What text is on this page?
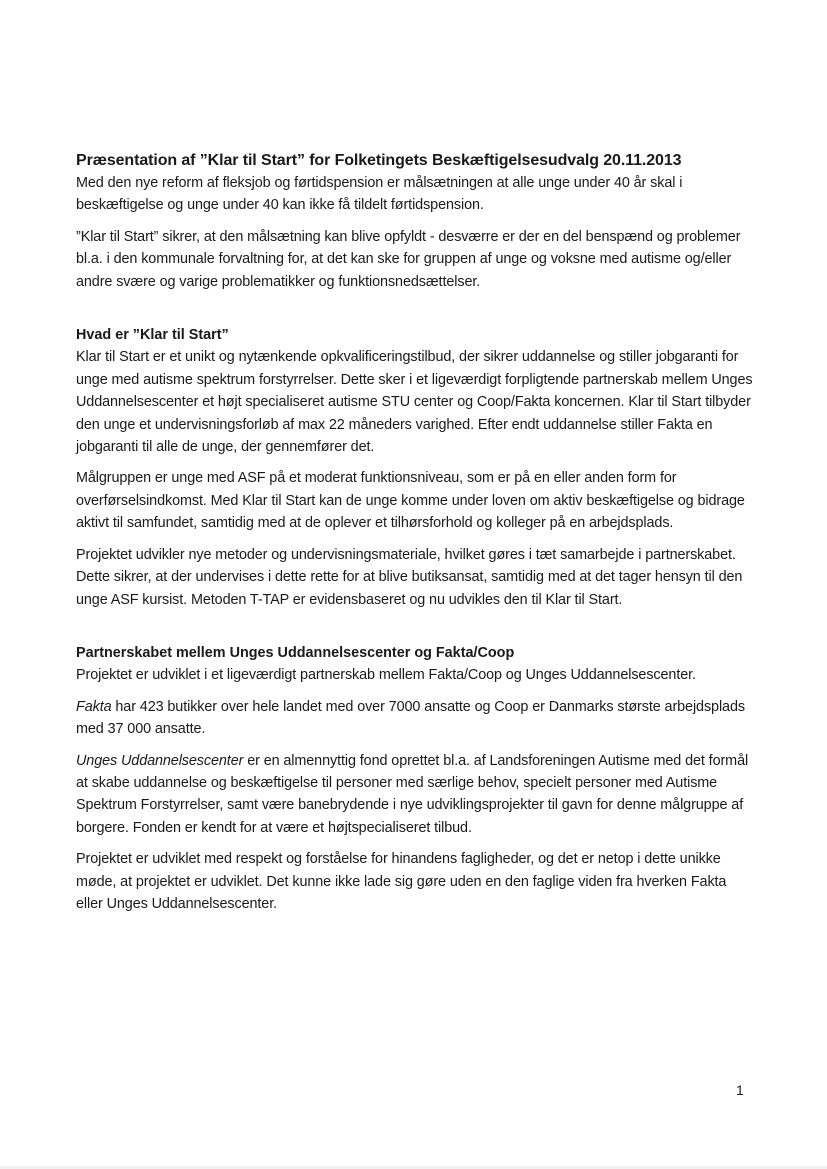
Præsentation af ”Klar til Start” for Folketingets Beskæftigelsesudvalg 20.11.2013

Med den nye reform af fleksjob og førtidspension er målsætningen at alle unge under 40 år skal i beskæftigelse og unge under 40 kan ikke få tildelt førtidspension.

”Klar til Start” sikrer, at den målsætning kan blive opfyldt - desværre er der en del benspænd og problemer bl.a. i den kommunale forvaltning for, at det kan ske for gruppen af unge og voksne med autisme og/eller andre svære og varige problematikker og funktionsnedsættelser.

Hvad er ”Klar til Start”

Klar til Start er et unikt og nytænkende opkvalificeringstilbud, der sikrer uddannelse og stiller jobgaranti for unge med autisme spektrum forstyrrelser. Dette sker i et ligeværdigt forpligtende partnerskab mellem Unges Uddannelsescenter et højt specialiseret autisme STU center og Coop/Fakta koncernen. Klar til Start tilbyder den unge et undervisningsforløb af max 22 måneders varighed. Efter endt uddannelse stiller Fakta en jobgaranti til alle de unge, der gennemfører det.

Målgruppen er unge med ASF på et moderat funktionsniveau, som er på en eller anden form for overførselsindkomst. Med Klar til Start kan de unge komme under loven om aktiv beskæftigelse og bidrage aktivt til samfundet, samtidig med at de oplever et tilhørsforhold og kolleger på en arbejdsplads.

Projektet udvikler nye metoder og undervisningsmateriale, hvilket gøres i tæt samarbejde i partnerskabet. Dette sikrer, at der undervises i dette rette for at blive butiksansat, samtidig med at det tager hensyn til den unge ASF kursist. Metoden T-TAP er evidensbaseret og nu udvikles den til Klar til Start.

Partnerskabet mellem Unges Uddannelsescenter og Fakta/Coop

Projektet er udviklet i et ligeværdigt partnerskab mellem Fakta/Coop og Unges Uddannelsescenter.

Fakta har 423 butikker over hele landet med over 7000 ansatte og Coop er Danmarks største arbejdsplads med 37 000 ansatte.

Unges Uddannelsescenter er en almennyttig fond oprettet bl.a. af Landsforeningen Autisme med det formål at skabe uddannelse og beskæftigelse til personer med særlige behov, specielt personer med Autisme Spektrum Forstyrrelser, samt være banebrydende i nye udviklingsprojekter til gavn for denne målgruppe af borgere. Fonden er kendt for at være et højtspecialiseret tilbud.

Projektet er udviklet med respekt og forståelse for hinandens fagligheder, og det er netop i dette unikke møde, at projektet er udviklet. Det kunne ikke lade sig gøre uden en den faglige viden fra hverken Fakta eller Unges Uddannelsescenter.

1
